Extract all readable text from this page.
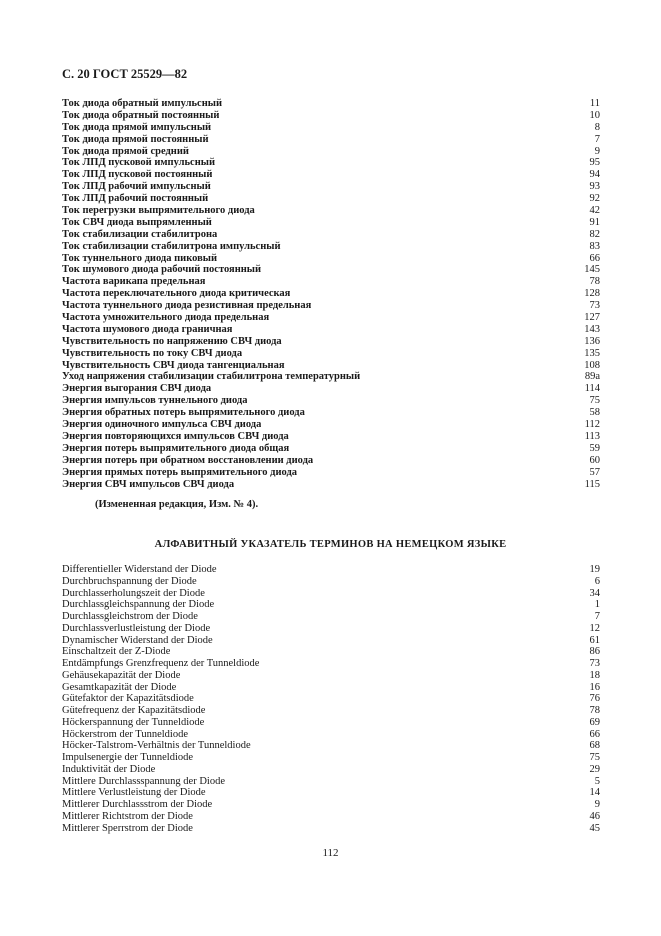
С. 20 ГОСТ 25529—82
Ток диода обратный импульсный	11
Ток диода обратный постоянный	10
Ток диода прямой импульсный	8
Ток диода прямой постоянный	7
Ток диода прямой средний	9
Ток ЛПД пусковой импульсный	95
Ток ЛПД пусковой постоянный	94
Ток ЛПД рабочий импульсный	93
Ток ЛПД рабочий постоянный	92
Ток перегрузки выпрямительного диода	42
Ток СВЧ диода выпрямленный	91
Ток стабилизации стабилитрона	82
Ток стабилизации стабилитрона импульсный	83
Ток туннельного диода пиковый	66
Ток шумового диода рабочий постоянный	145
Частота варикапа предельная	78
Частота переключательного диода критическая	128
Частота туннельного диода резистивная предельная	73
Частота умножительного диода предельная	127
Частота шумового диода граничная	143
Чувствительность по напряжению СВЧ диода	136
Чувствительность по току СВЧ диода	135
Чувствительность СВЧ диода тангенциальная	108
Уход напряжения стабилизации стабилитрона температурный	89а
Энергия выгорания СВЧ диода	114
Энергия импульсов туннельного диода	75
Энергия обратных потерь выпрямительного диода	58
Энергия одиночного импульса СВЧ диода	112
Энергия повторяющихся импульсов СВЧ диода	113
Энергия потерь выпрямительного диода общая	59
Энергия потерь при обратном восстановлении диода	60
Энергия прямых потерь выпрямительного диода	57
Энергия СВЧ импульсов СВЧ диода	115
(Измененная редакция, Изм. № 4).
АЛФАВИТНЫЙ УКАЗАТЕЛЬ ТЕРМИНОВ НА НЕМЕЦКОМ ЯЗЫКЕ
Differentieller Widerstand der Diode	19
Durchbruchspannung der Diode	6
Durchlasserholungszeit der Diode	34
Durchlassgleichspannung der Diode	1
Durchlassgleichstrom der Diode	7
Durchlassverlustleistung der Diode	12
Dynamischer Widerstand der Diode	61
Einschaltzeit der Z-Diode	86
Entdämpfungs Grenzfrequenz der Tunneldiode	73
Gehäusekapazität der Diode	18
Gesamtkapazität der Diode	16
Gütefaktor der Kapazitätsdiode	76
Gütefrequenz der Kapazitätsdiode	78
Höckerspannung der Tunneldiode	69
Höckerstrom der Tunneldiode	66
Höcker-Talstrom-Verhältnis der Tunneldiode	68
Impulsenergie der Tunneldiode	75
Induktivität der Diode	29
Mittlere Durchlassspannung der Diode	5
Mittlere Verlustleistung der Diode	14
Mittlerer Durchlassstrom der Diode	9
Mittlerer Richtstrom der Diode	46
Mittlerer Sperrstrom der Diode	45
112
